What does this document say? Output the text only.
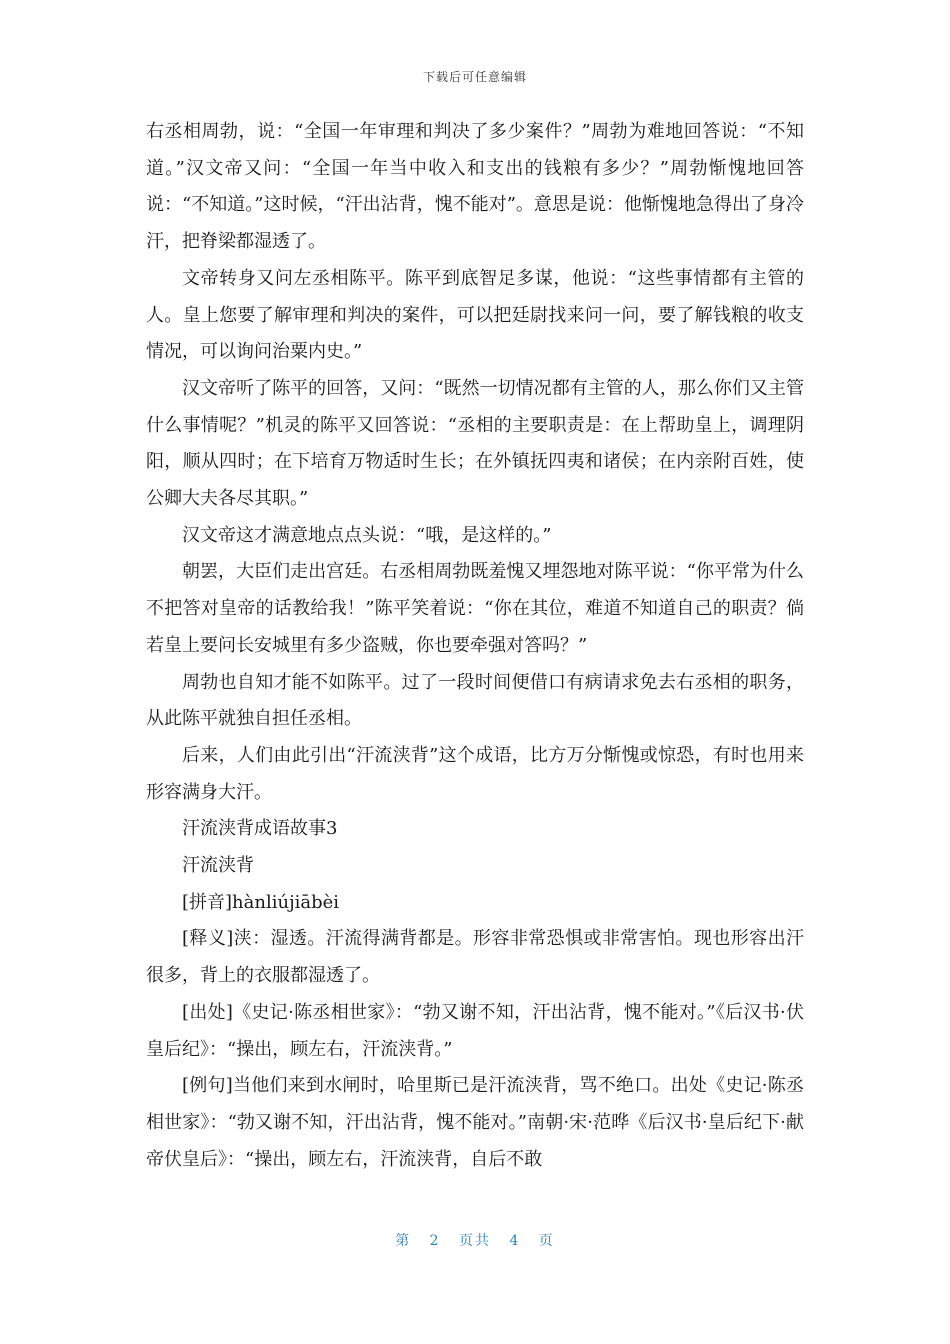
下载后可任意编辑

右丞相周勃，说：“全国一年审理和判决了多少案件？”周勃为难地回答说：“不知道。”汉文帝又问：“全国一年当中收入和支出的钱粮有多少？”周勃惭愧地回答说：“不知道。”这时候，“汗出沾背，愧不能对”。意思是说：他惭愧地急得出了身冷汗，把脊梁都湿透了。

文帝转身又问左丞相陈平。陈平到底智足多谋，他说：“这些事情都有主管的人。皇上您要了解审理和判决的案件，可以把廷尉找来问一问，要了解钱粮的收支情况，可以询问治粟内史。”

汉文帝听了陈平的回答，又问：“既然一切情况都有主管的人，那么你们又主管什么事情呢？”机灵的陈平又回答说：“丞相的主要职责是：在上帮助皇上，调理阴阳，顺从四时；在下培育万物适时生长；在外镇抚四夷和诸侯；在内亲附百姓，使公卿大夫各尽其职。”

汉文帝这才满意地点点头说：“哦，是这样的。”

朝罢，大臣们走出宫廷。右丞相周勃既羞愧又埋怨地对陈平说：“你平常为什么不把答对皇帝的话教给我！”陈平笑着说：“你在其位，难道不知道自己的职责？倘若皇上要问长安城里有多少盗贼，你也要牵强对答吗？”

周勃也自知才能不如陈平。过了一段时间便借口有病请求免去右丞相的职务，从此陈平就独自担任丞相。

后来，人们由此引出“汗流浃背”这个成语，比方万分惭愧或惊恐，有时也用来形容满身大汗。

汗流浃背成语故事3

汗流浃背

[拼音]hànliújiābèi

[释义]浃：湿透。汗流得满背都是。形容非常恐惧或非常害怕。现也形容出汗很多，背上的衣服都湿透了。

[出处]《史记·陈丞相世家》：“勃又谢不知，汗出沾背，愧不能对。”《后汉书·伏皇后纪》：“操出，顾左右，汗流浃背。”

[例句]当他们来到水闸时，哈里斯已是汗流浃背，骂不绝口。出处《史记·陈丞相世家》：“勃又谢不知，汗出沾背，愧不能对。”南朝·宋·范晔《后汉书·皇后纪下·献帝伏皇后》：“操出，顾左右，汗流浃背，自后不敢

第 2 页共 4 页
